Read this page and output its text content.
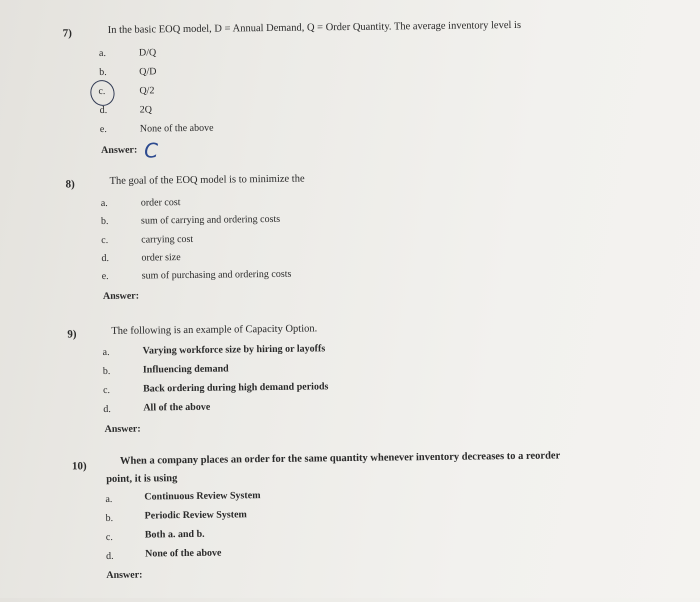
7)	In the basic EOQ model, D = Annual Demand, Q = Order Quantity. The average inventory level is
a.	D/Q
b.	Q/D
c.	Q/2
d.	2Q
e.	None of the above
Answer: C
8)	The goal of the EOQ model is to minimize the
a.	order cost
b.	sum of carrying and ordering costs
c.	carrying cost
d.	order size
e.	sum of purchasing and ordering costs
Answer:
9)	The following is an example of Capacity Option.
a.	Varying workforce size by hiring or layoffs
b.	Influencing demand
c.	Back ordering during high demand periods
d.	All of the above
Answer:
10)	When a company places an order for the same quantity whenever inventory decreases to a reorder
point, it is using
a.	Continuous Review System
b.	Periodic Review System
c.	Both a. and b.
d.	None of the above
Answer:
